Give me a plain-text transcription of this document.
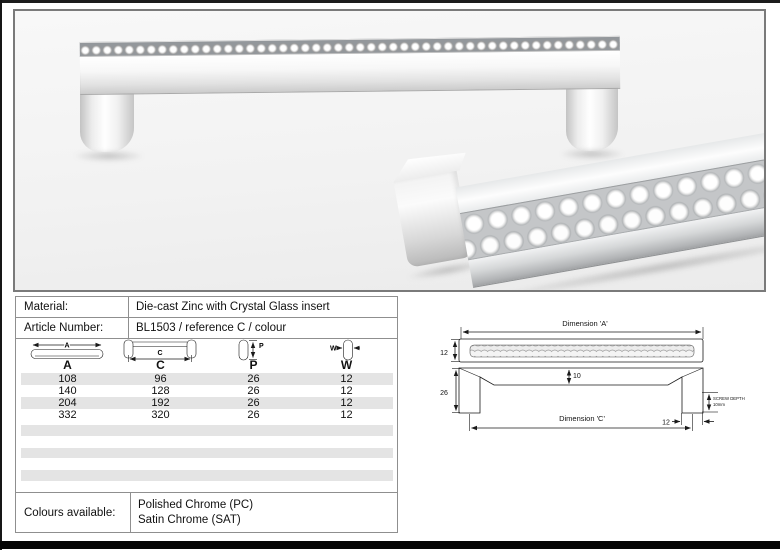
Material:	Die-cast Zinc with Crystal Glass insert
Article Number:	BL1503 / reference C / colour
A
C
P	W
A	C	P	W
108	96	26	12
140	128	26	12
204	192	26	12
332	320	26	12
Colours available:
Polished Chrome (PC)
Satin Chrome (SAT)
Dimension 'A'
12
26
10
Dimension 'C'	12
SCREW DEPTH
10mm
